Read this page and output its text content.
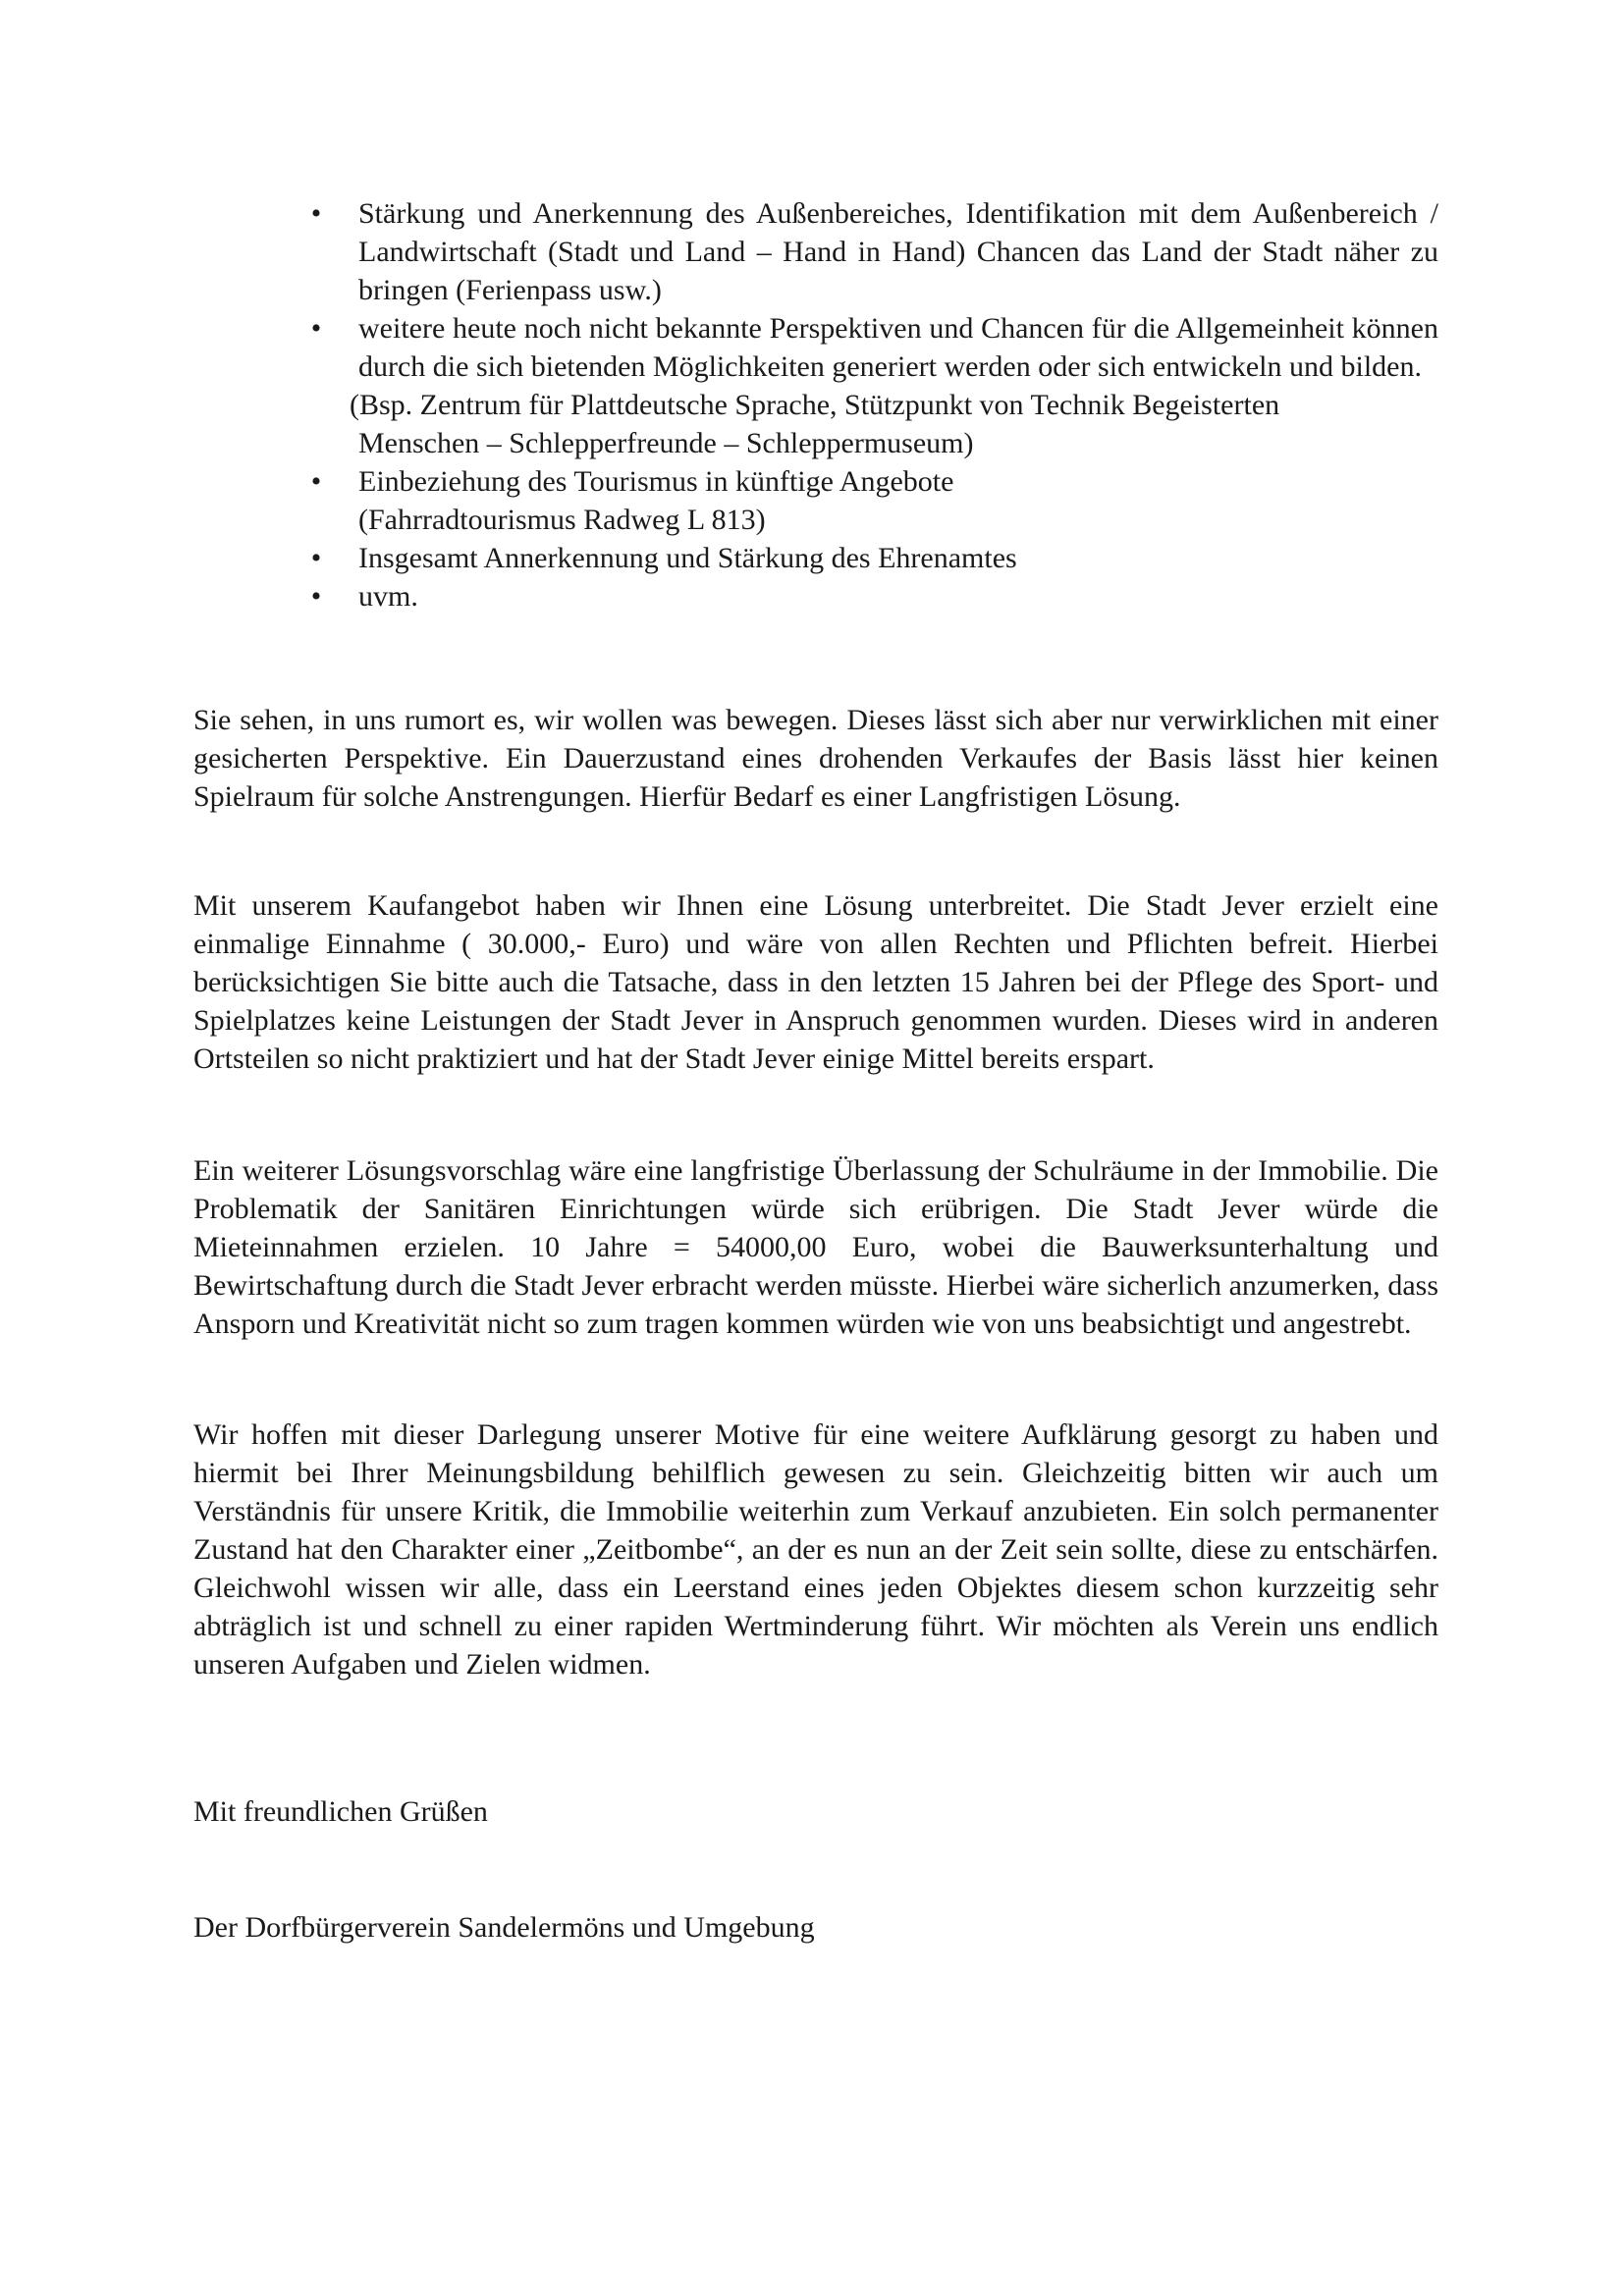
• Stärkung und Anerkennung des Außenbereiches, Identifikation mit dem Außenbereich / Landwirtschaft (Stadt und Land – Hand in Hand) Chancen das Land der Stadt näher zu bringen (Ferienpass usw.)
• weitere heute noch nicht bekannte Perspektiven und Chancen für die Allgemeinheit können durch die sich bietenden Möglichkeiten generiert werden oder sich entwickeln und bilden.
(Bsp. Zentrum für Plattdeutsche Sprache, Stützpunkt von Technik Begeisterten
Menschen – Schlepperfreunde – Schleppermuseum)
• Einbeziehung des Tourismus in künftige Angebote
(Fahrradtourismus Radweg L 813)
• Insgesamt Annerkennung und Stärkung des Ehrenamtes
• uvm.

Sie sehen, in uns rumort es, wir wollen was bewegen. Dieses lässt sich aber nur verwirklichen mit einer gesicherten Perspektive. Ein Dauerzustand eines drohenden Verkaufes der Basis lässt hier keinen Spielraum für solche Anstrengungen. Hierfür Bedarf es einer Langfristigen Lösung.

Mit unserem Kaufangebot haben wir Ihnen eine Lösung unterbreitet. Die Stadt Jever erzielt eine einmalige Einnahme ( 30.000,- Euro) und wäre von allen Rechten und Pflichten befreit. Hierbei berücksichtigen Sie bitte auch die Tatsache, dass in den letzten 15 Jahren bei der Pflege des Sport- und Spielplatzes keine Leistungen der Stadt Jever in Anspruch genommen wurden. Dieses wird in anderen Ortsteilen so nicht praktiziert und hat der Stadt Jever einige Mittel bereits erspart.

Ein weiterer Lösungsvorschlag wäre eine langfristige Überlassung der Schulräume in der Immobilie. Die Problematik der Sanitären Einrichtungen würde sich erübrigen. Die Stadt Jever würde die Mieteinnahmen erzielen. 10 Jahre = 54000,00 Euro, wobei die Bauwerksunterhaltung und Bewirtschaftung durch die Stadt Jever erbracht werden müsste. Hierbei wäre sicherlich anzumerken, dass Ansporn und Kreativität nicht so zum tragen kommen würden wie von uns beabsichtigt und angestrebt.

Wir hoffen mit dieser Darlegung unserer Motive für eine weitere Aufklärung gesorgt zu haben und hiermit bei Ihrer Meinungsbildung behilflich gewesen zu sein. Gleichzeitig bitten wir auch um Verständnis für unsere Kritik, die Immobilie weiterhin zum Verkauf anzubieten. Ein solch permanenter Zustand hat den Charakter einer „Zeitbombe“, an der es nun an der Zeit sein sollte, diese zu entschärfen. Gleichwohl wissen wir alle, dass ein Leerstand eines jeden Objektes diesem schon kurzzeitig sehr abträglich ist und schnell zu einer rapiden Wertminderung führt. Wir möchten als Verein uns endlich unseren Aufgaben und Zielen widmen.

Mit freundlichen Grüßen

Der Dorfbürgerverein Sandelermöns und Umgebung
